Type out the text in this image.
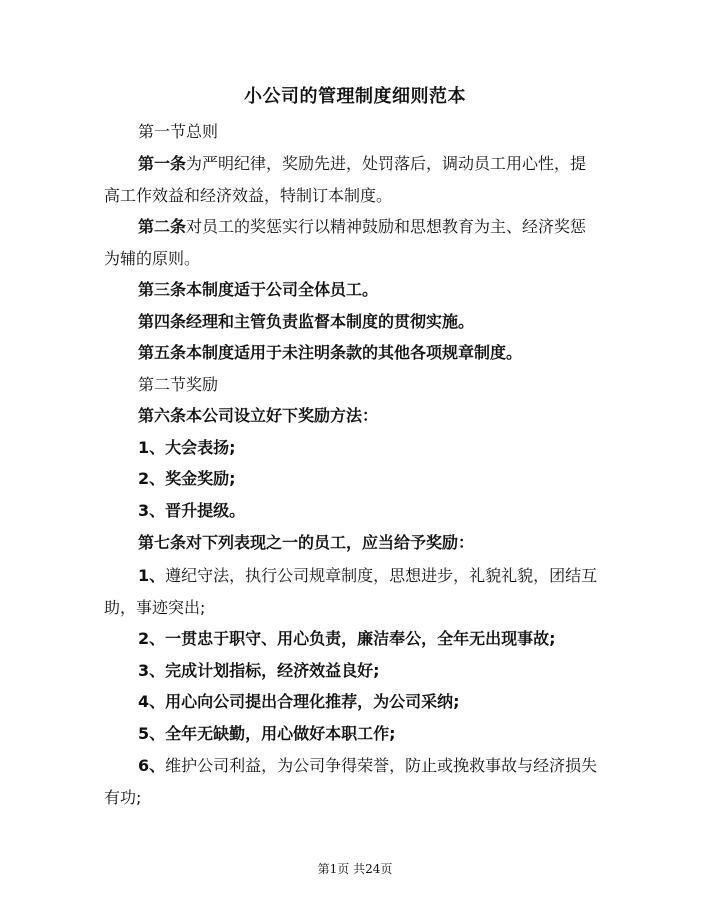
小公司的管理制度细则范本
第一节总则
第一条为严明纪律，奖励先进，处罚落后，调动员工用心性，提
高工作效益和经济效益，特制订本制度。
第二条对员工的奖惩实行以精神鼓励和思想教育为主、经济奖惩
为辅的原则。
第三条本制度适于公司全体员工。
第四条经理和主管负责监督本制度的贯彻实施。
第五条本制度适用于未注明条款的其他各项规章制度。
第二节奖励
第六条本公司设立好下奖励方法：
1、大会表扬;
2、奖金奖励;
3、晋升提级。
第七条对下列表现之一的员工，应当给予奖励：
1、遵纪守法，执行公司规章制度，思想进步，礼貌礼貌，团结互
助，事迹突出;
2、一贯忠于职守、用心负责，廉洁奉公，全年无出现事故;
3、完成计划指标，经济效益良好;
4、用心向公司提出合理化推荐，为公司采纳;
5、全年无缺勤，用心做好本职工作;
6、维护公司利益，为公司争得荣誉，防止或挽救事故与经济损失
有功;
第1页 共24页
